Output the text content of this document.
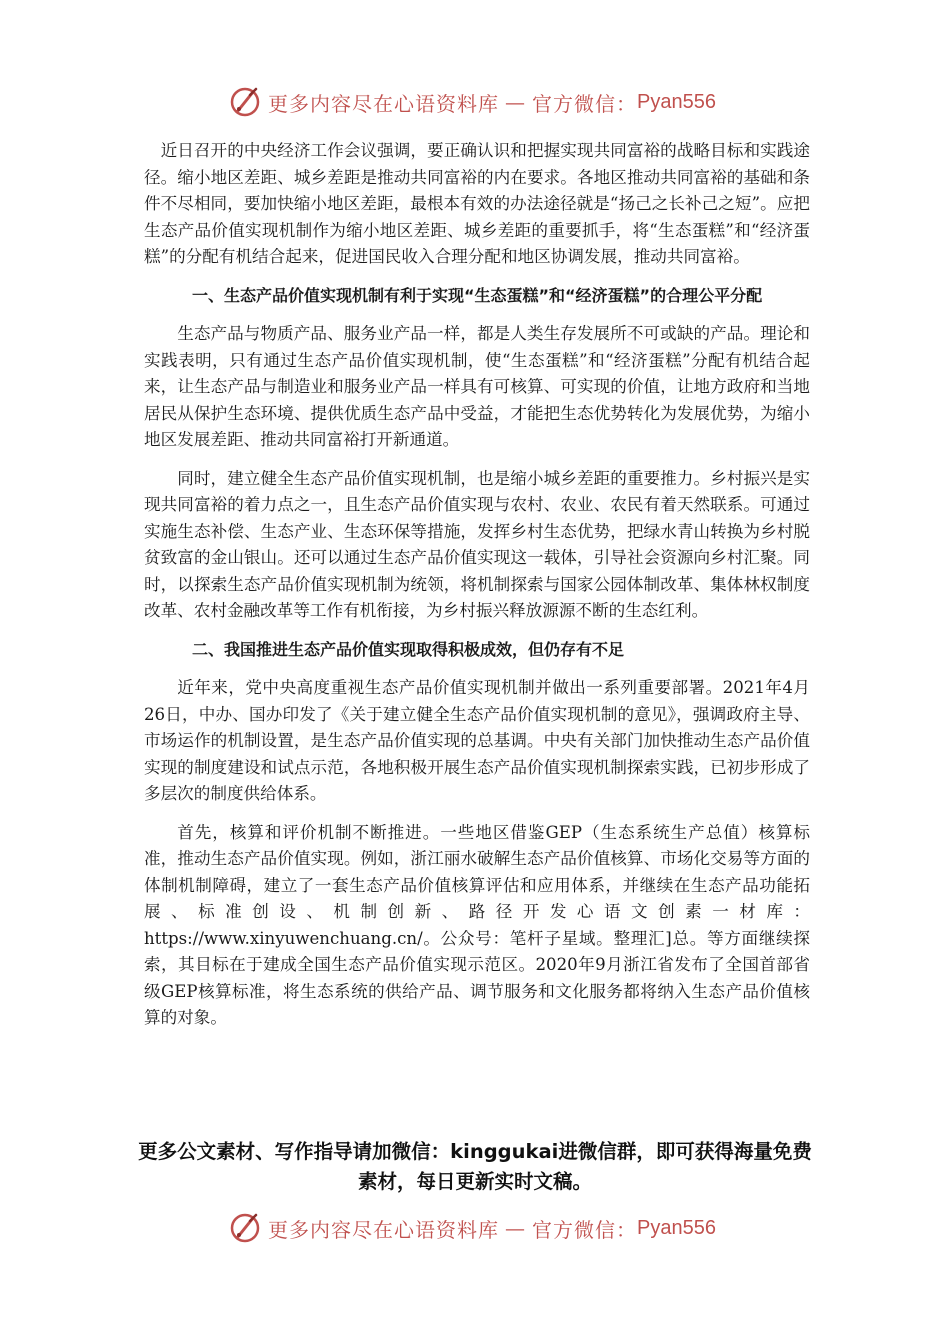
更多内容尽在心语资料库 — 官方微信： Pyan556

近日召开的中央经济工作会议强调，要正确认识和把握实现共同富裕的战略目标和实践途径。缩小地区差距、城乡差距是推动共同富裕的内在要求。各地区推动共同富裕的基础和条件不尽相同，要加快缩小地区差距，最根本有效的办法途径就是“扬己之长补己之短”。应把生态产品价值实现机制作为缩小地区差距、城乡差距的重要抓手，将“生态蛋糕”和“经济蛋糕”的分配有机结合起来，促进国民收入合理分配和地区协调发展，推动共同富裕。

一、生态产品价值实现机制有利于实现“生态蛋糕”和“经济蛋糕”的合理公平分配

生态产品与物质产品、服务业产品一样，都是人类生存发展所不可或缺的产品。理论和实践表明，只有通过生态产品价值实现机制，使“生态蛋糕”和“经济蛋糕”分配有机结合起来，让生态产品与制造业和服务业产品一样具有可核算、可实现的价值，让地方政府和当地居民从保护生态环境、提供优质生态产品中受益，才能把生态优势转化为发展优势，为缩小地区发展差距、推动共同富裕打开新通道。

同时，建立健全生态产品价值实现机制，也是缩小城乡差距的重要推力。乡村振兴是实现共同富裕的着力点之一，且生态产品价值实现与农村、农业、农民有着天然联系。可通过实施生态补偿、生态产业、生态环保等措施，发挥乡村生态优势，把绿水青山转换为乡村脱贫致富的金山银山。还可以通过生态产品价值实现这一载体，引导社会资源向乡村汇聚。同时，以探索生态产品价值实现机制为统领，将机制探索与国家公园体制改革、集体林权制度改革、农村金融改革等工作有机衔接，为乡村振兴释放源源不断的生态红利。

二、我国推进生态产品价值实现取得积极成效，但仍存有不足

近年来，党中央高度重视生态产品价值实现机制并做出一系列重要部署。2021年4月26日，中办、国办印发了《关于建立健全生态产品价值实现机制的意见》，强调政府主导、市场运作的机制设置，是生态产品价值实现的总基调。中央有关部门加快推动生态产品价值实现的制度建设和试点示范，各地积极开展生态产品价值实现机制探索实践，已初步形成了多层次的制度供给体系。

首先，核算和评价机制不断推进。一些地区借鉴GEP（生态系统生产总值）核算标准，推动生态产品价值实现。例如，浙江丽水破解生态产品价值核算、市场化交易等方面的体制机制障碍，建立了一套生态产品价值核算评估和应用体系，并继续在生态产品功能拓展、标准创设、机制创新、路径开发心语文创素一材库：https://www.xinyuwenchuang.cn/。公众号：笔杆子星域。整理汇]总。等方面继续探索，其目标在于建成全国生态产品价值实现示范区。2020年9月浙江省发布了全国首部省级GEP核算标准，将生态系统的供给产品、调节服务和文化服务都将纳入生态产品价值核算的对象。

更多公文素材、写作指导请加微信：kinggukai进微信群，即可获得海量免费素材，每日更新实时文稿。
更多内容尽在心语资料库 — 官方微信： Pyan556
